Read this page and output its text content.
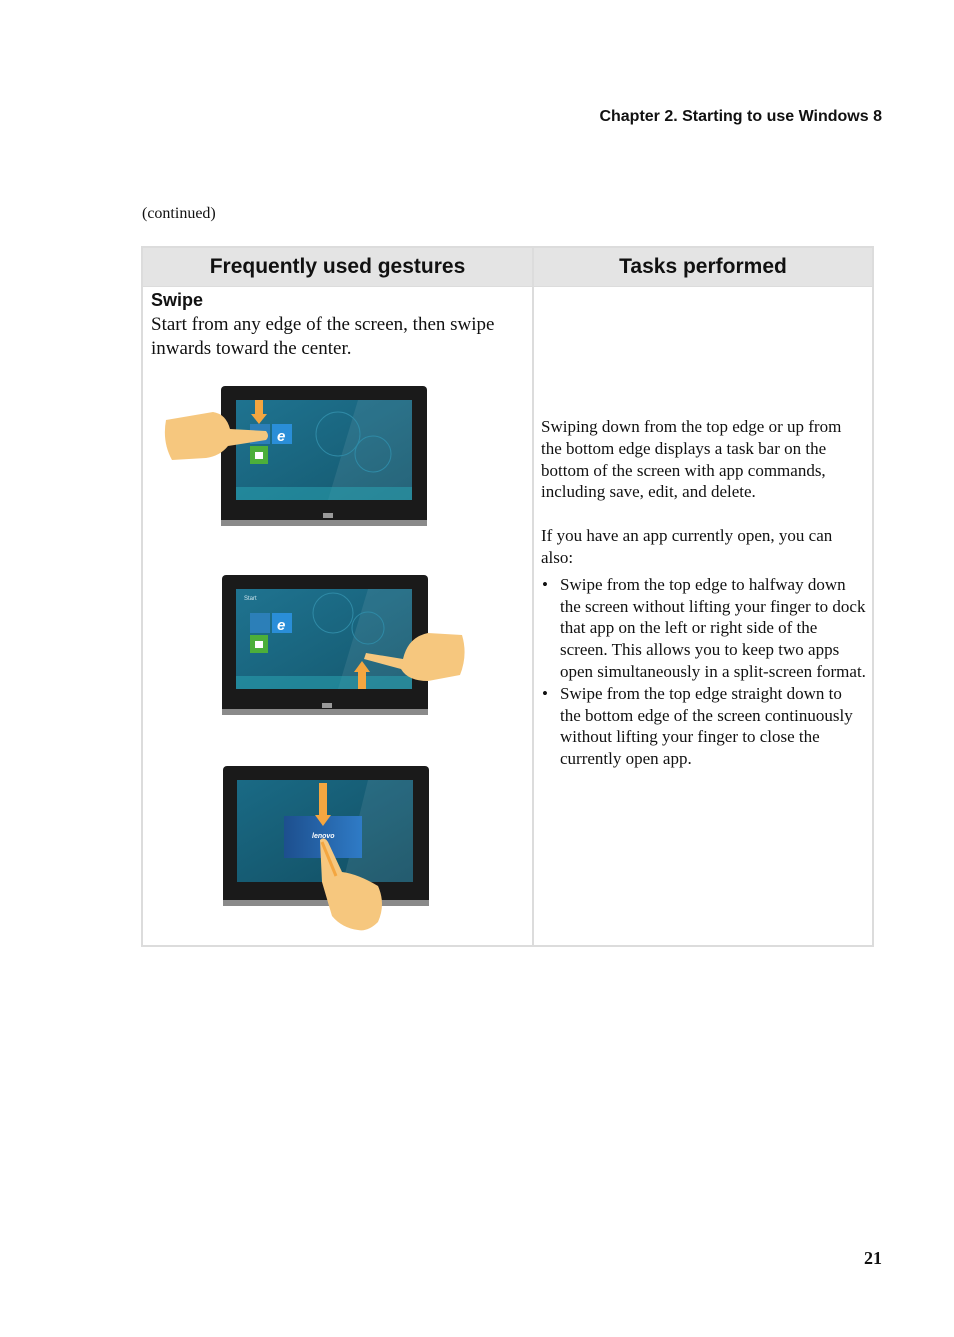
Chapter 2. Starting to use Windows 8
(continued)
Frequently used gestures	Tasks performed
Swipe
Start from any edge of the screen, then swipe inwards toward the center.
e
Start
e
lenovo

Swiping down from the top edge or up from the bottom edge displays a task bar on the bottom of the screen with app commands, including save, edit, and delete.

If you have an app currently open, you can also:

• Swipe from the top edge to halfway down the screen without lifting your finger to dock that app on the left or right side of the screen. This allows you to keep two apps open simultaneously in a split-screen format.
• Swipe from the top edge straight down to the bottom edge of the screen continuously without lifting your finger to close the currently open app.
21
